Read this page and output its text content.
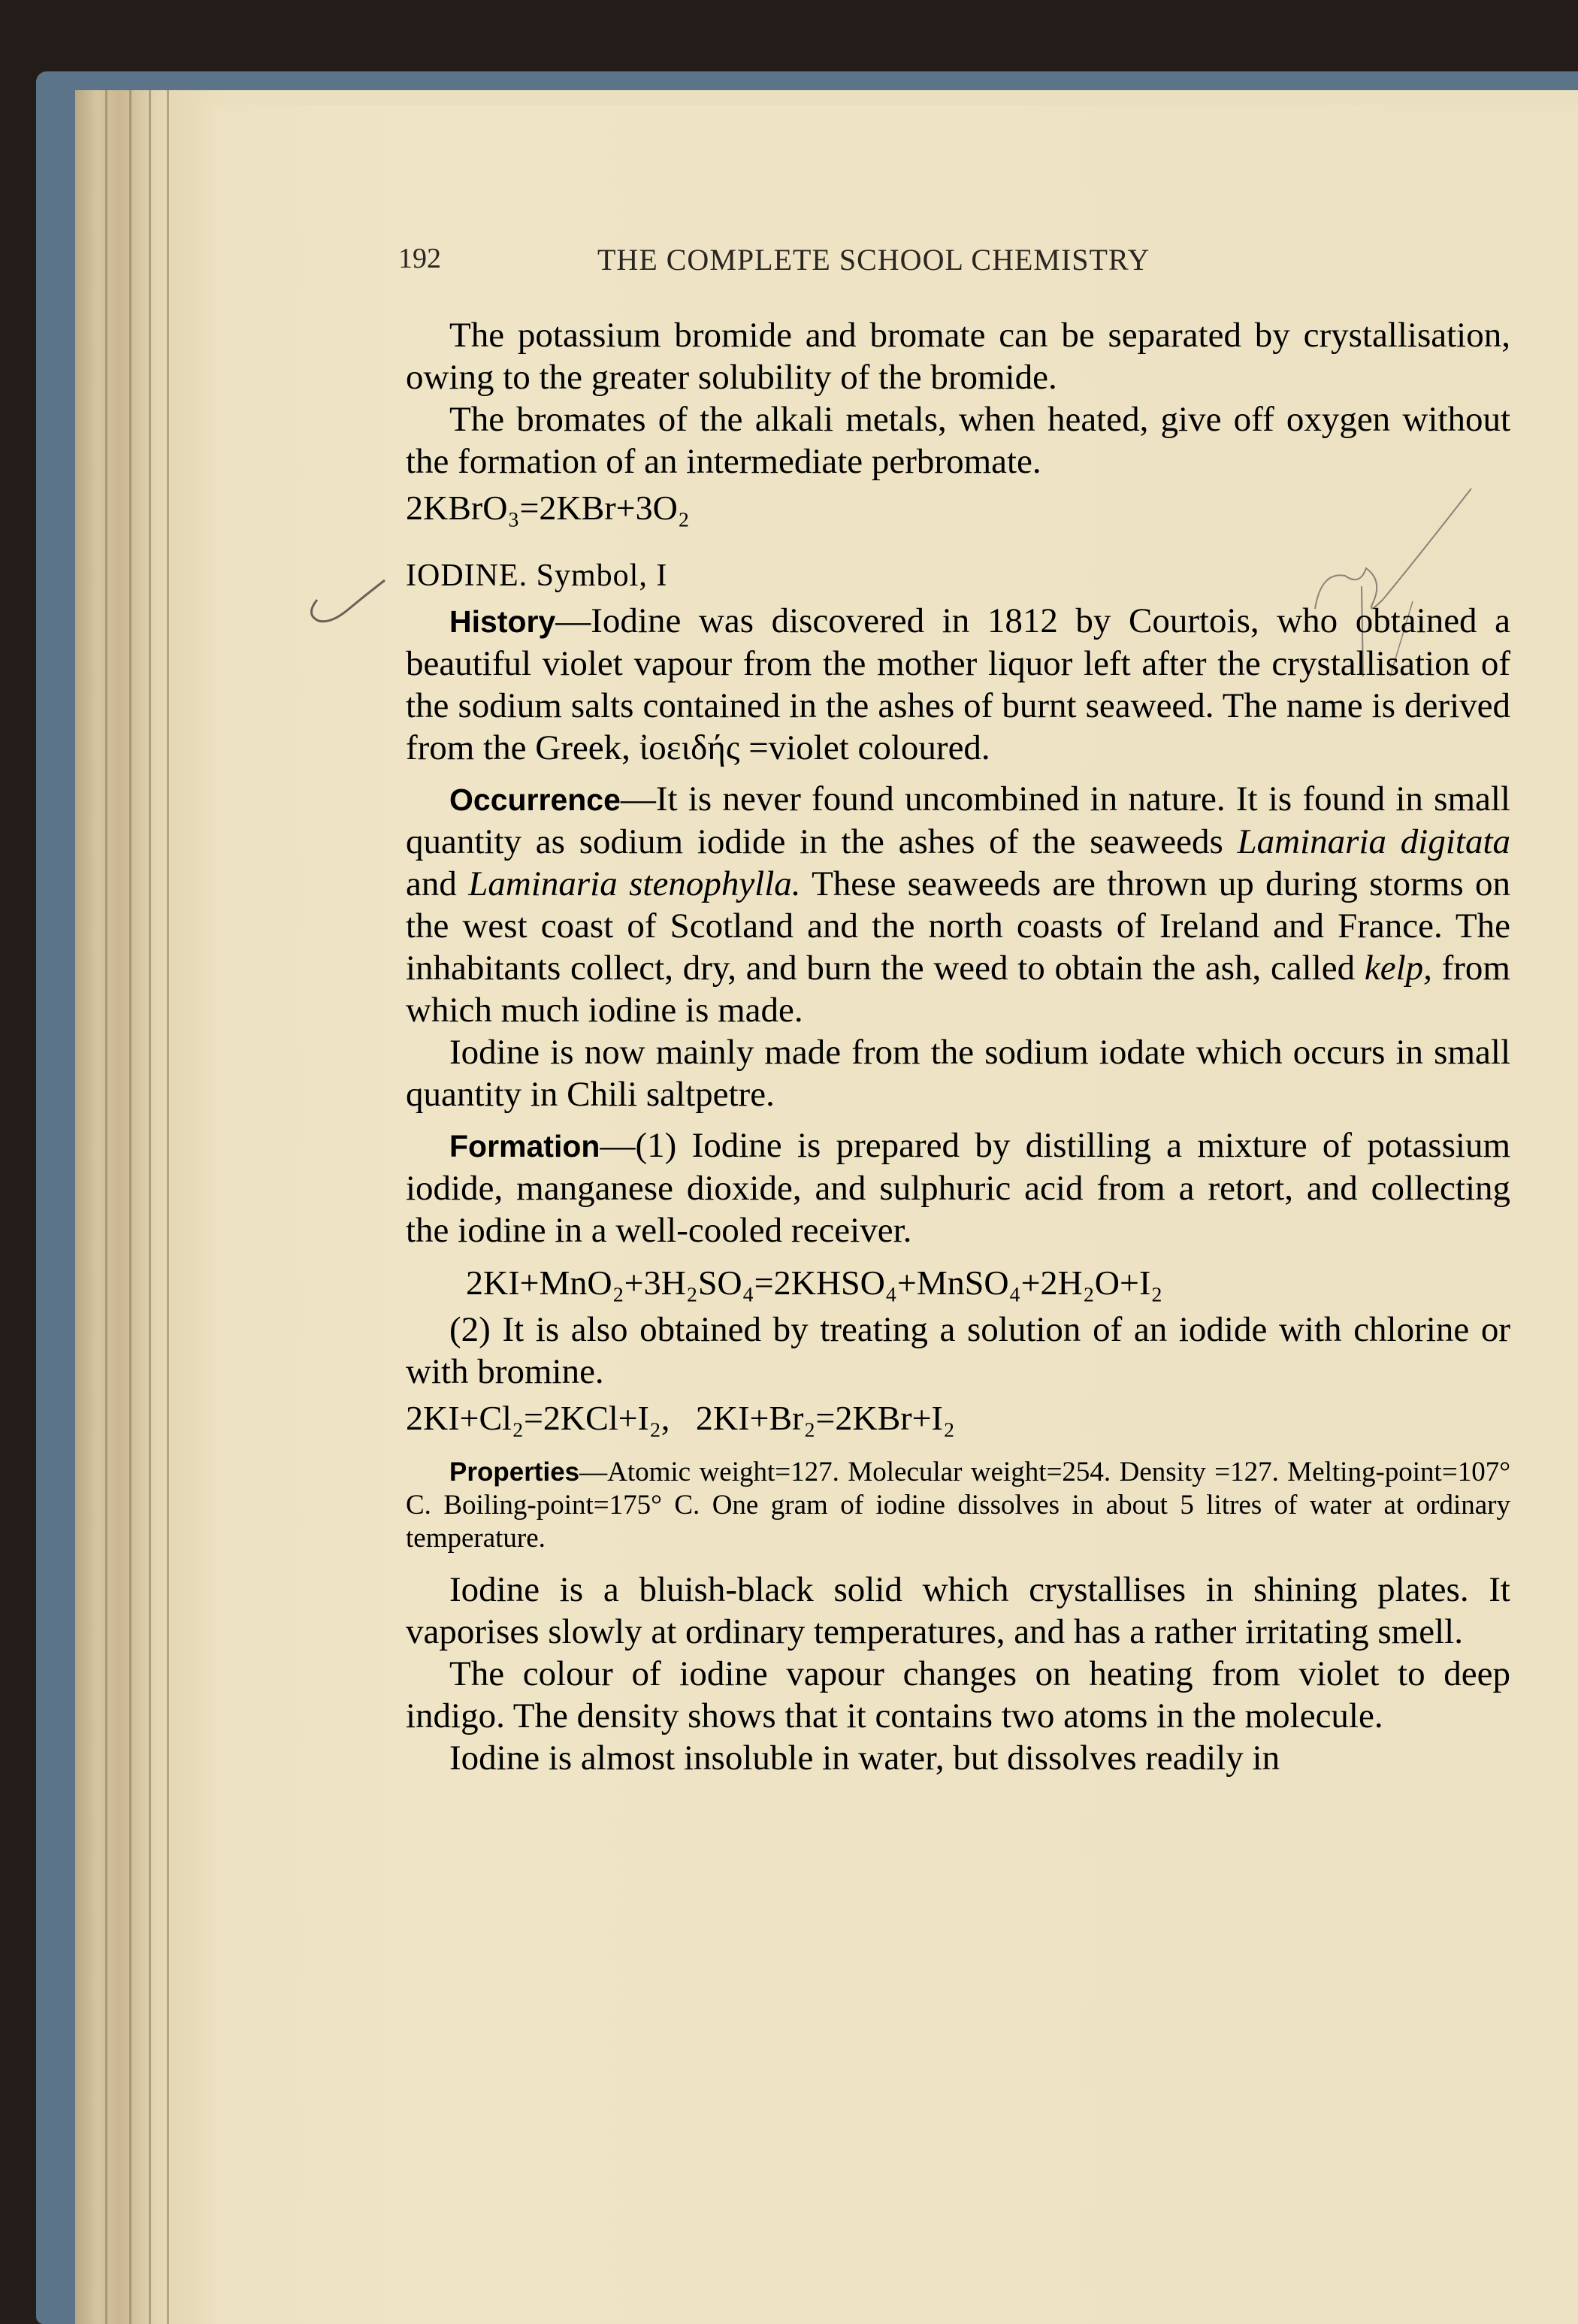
192	THE COMPLETE SCHOOL CHEMISTRY

The potassium bromide and bromate can be separated by crystallisation, owing to the greater solubility of the bromide.

The bromates of the alkali metals, when heated, give off oxygen without the formation of an intermediate perbromate.

2KBrO₃=2KBr+3O₂

IODINE. Symbol, I

History—Iodine was discovered in 1812 by Courtois, who obtained a beautiful violet vapour from the mother liquor left after the crystallisation of the sodium salts contained in the ashes of burnt seaweed. The name is derived from the Greek, ἰοειδής =violet coloured.

Occurrence—It is never found uncombined in nature. It is found in small quantity as sodium iodide in the ashes of the seaweeds Laminaria digitata and Laminaria stenophylla. These seaweeds are thrown up during storms on the west coast of Scotland and the north coasts of Ireland and France. The inhabitants collect, dry, and burn the weed to obtain the ash, called kelp, from which much iodine is made.

Iodine is now mainly made from the sodium iodate which occurs in small quantity in Chili saltpetre.

Formation—(1) Iodine is prepared by distilling a mixture of potassium iodide, manganese dioxide, and sulphuric acid from a retort, and collecting the iodine in a well-cooled receiver.

2KI+MnO₂+3H₂SO₄=2KHSO₄+MnSO₄+2H₂O+I₂

(2) It is also obtained by treating a solution of an iodide with chlorine or with bromine.

2KI+Cl₂=2KCl+I₂, 2KI+Br₂=2KBr+I₂

Properties—Atomic weight=127. Molecular weight=254. Density =127. Melting-point=107° C. Boiling-point=175° C. One gram of iodine dissolves in about 5 litres of water at ordinary temperature.

Iodine is a bluish-black solid which crystallises in shining plates. It vaporises slowly at ordinary temperatures, and has a rather irritating smell.

The colour of iodine vapour changes on heating from violet to deep indigo. The density shows that it contains two atoms in the molecule.

Iodine is almost insoluble in water, but dissolves readily in
